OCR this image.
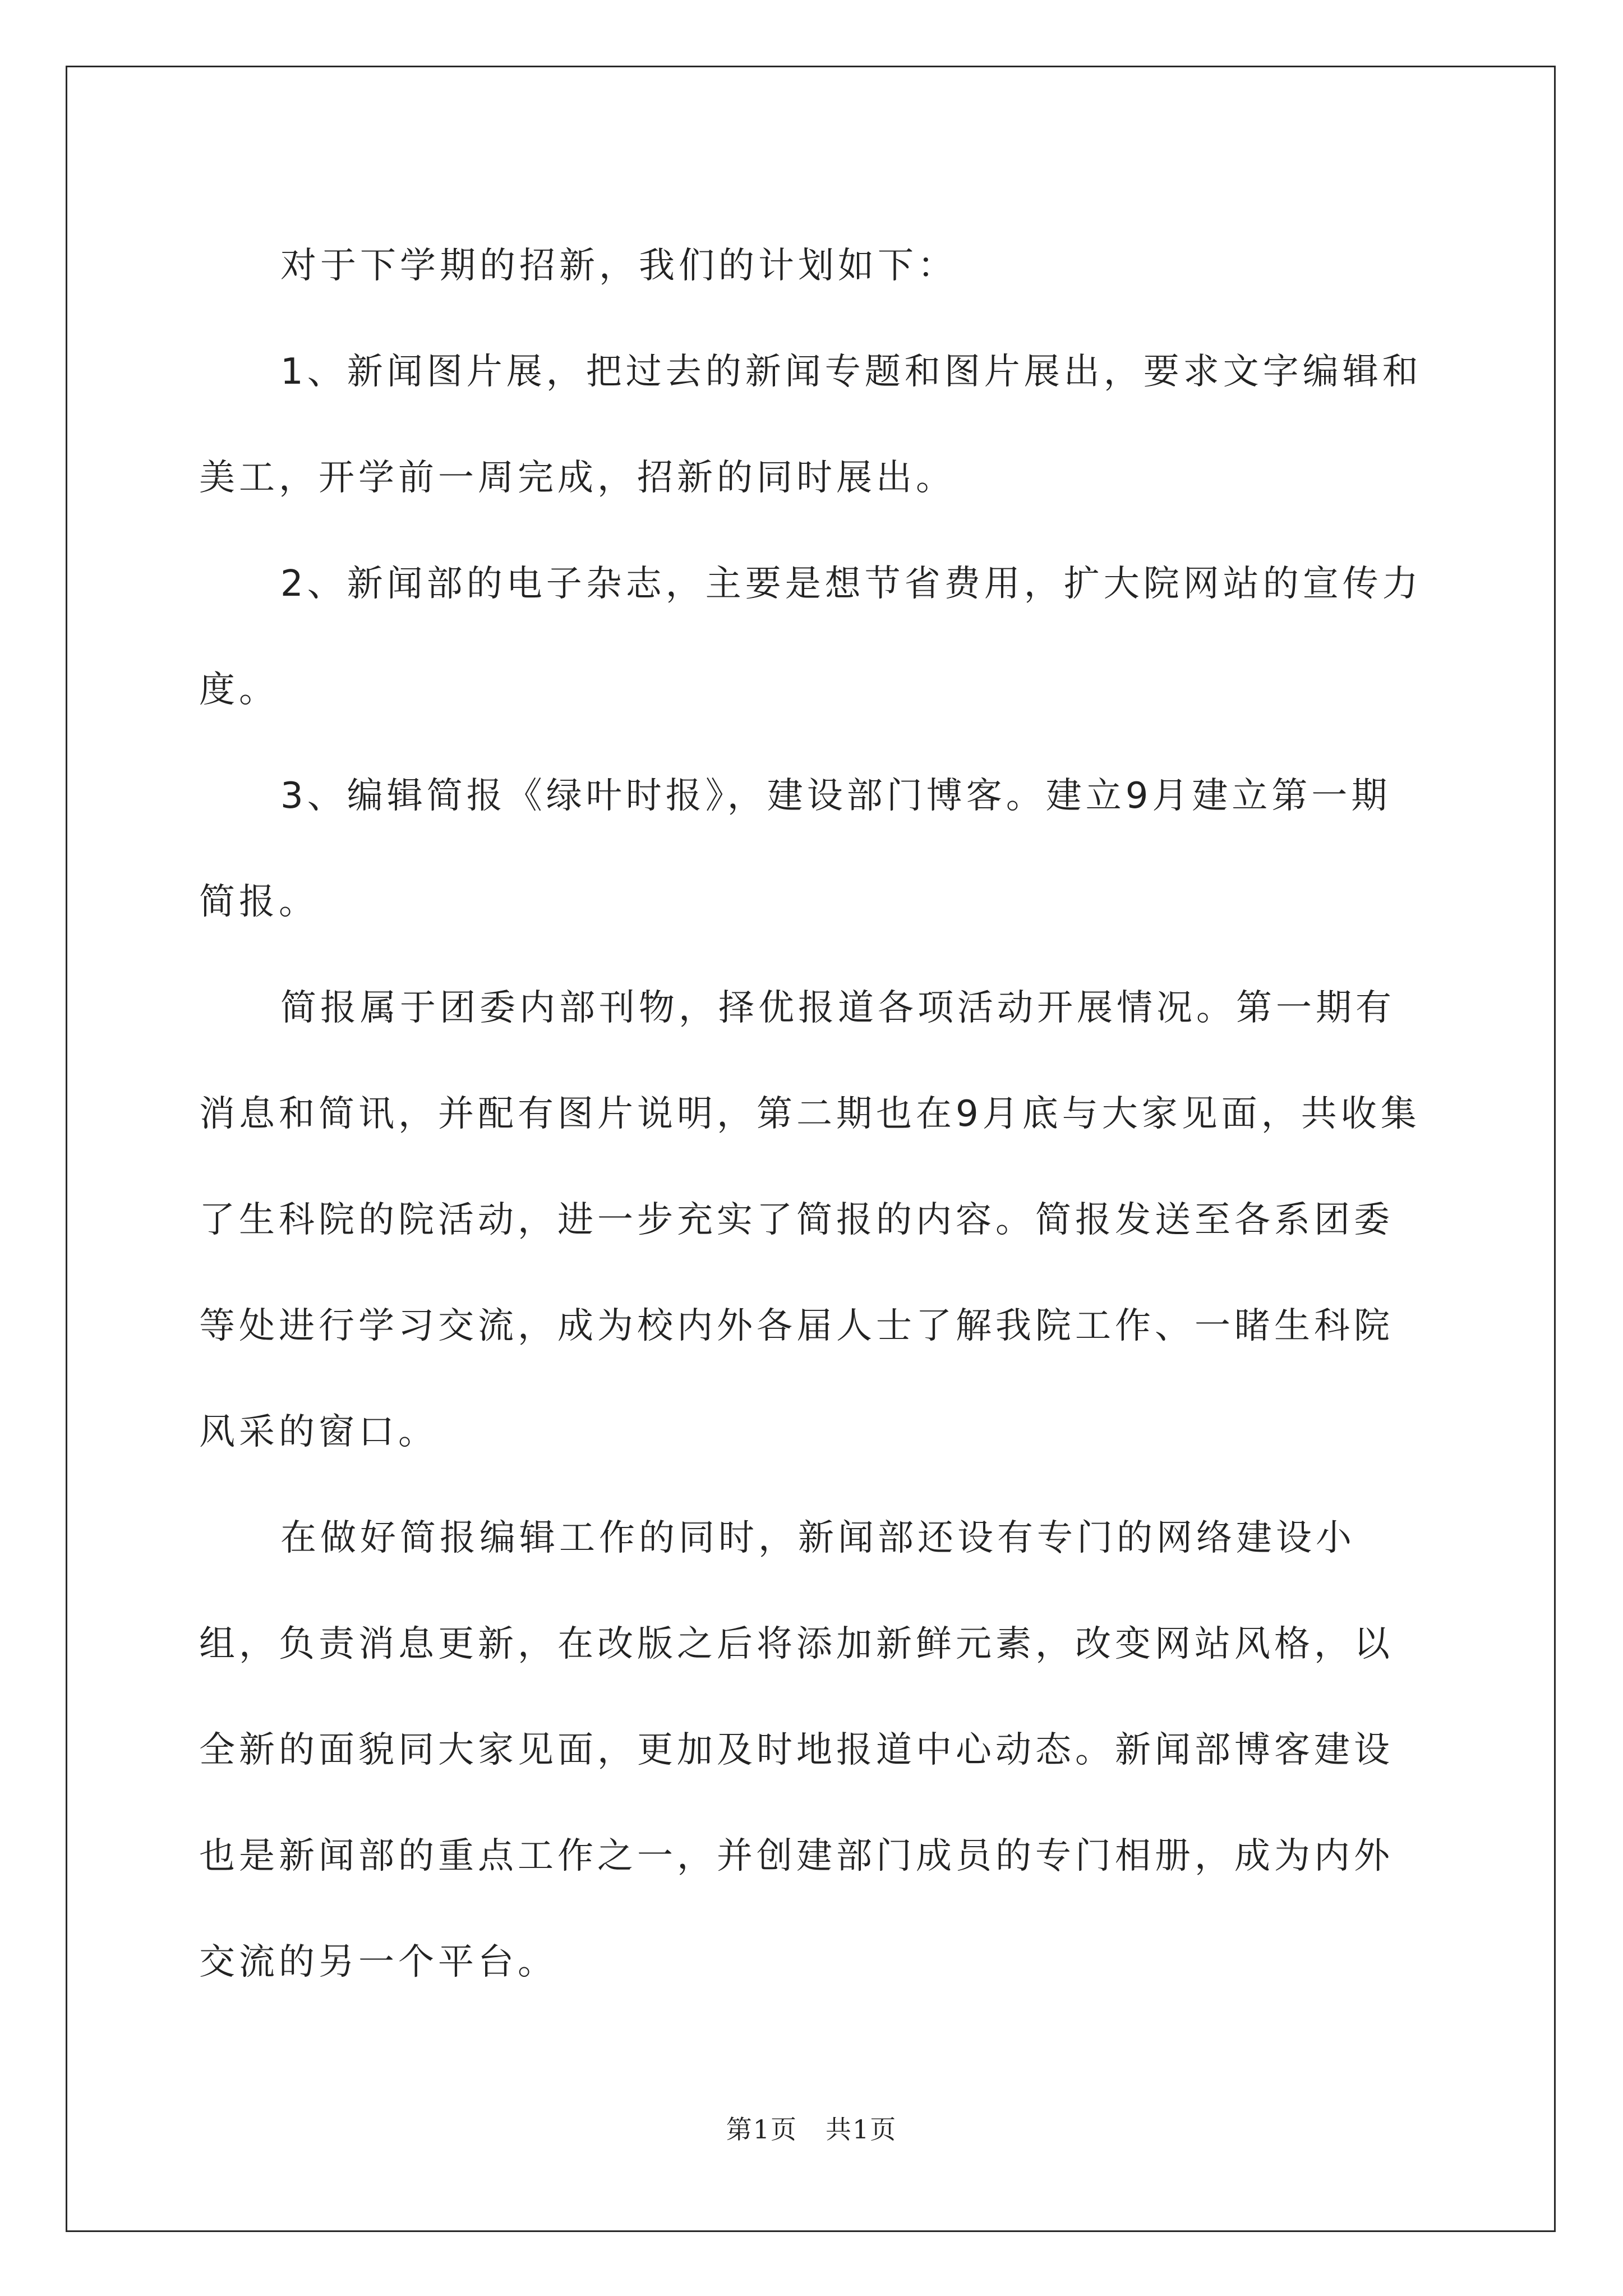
对于下学期的招新，我们的计划如下：

1、新闻图片展，把过去的新闻专题和图片展出，要求文字编辑和美工，开学前一周完成，招新的同时展出。

2、新闻部的电子杂志，主要是想节省费用，扩大院网站的宣传力度。

3、编辑简报《绿叶时报》，建设部门博客。建立9月建立第一期简报。

简报属于团委内部刊物，择优报道各项活动开展情况。第一期有消息和简讯，并配有图片说明，第二期也在9月底与大家见面，共收集了生科院的院活动，进一步充实了简报的内容。简报发送至各系团委等处进行学习交流，成为校内外各届人士了解我院工作、一睹生科院风采的窗口。

在做好简报编辑工作的同时，新闻部还设有专门的网络建设小组，负责消息更新，在改版之后将添加新鲜元素，改变网站风格，以全新的面貌同大家见面，更加及时地报道中心动态。新闻部博客建设也是新闻部的重点工作之一，并创建部门成员的专门相册，成为内外交流的另一个平台。

第1页 共1页
